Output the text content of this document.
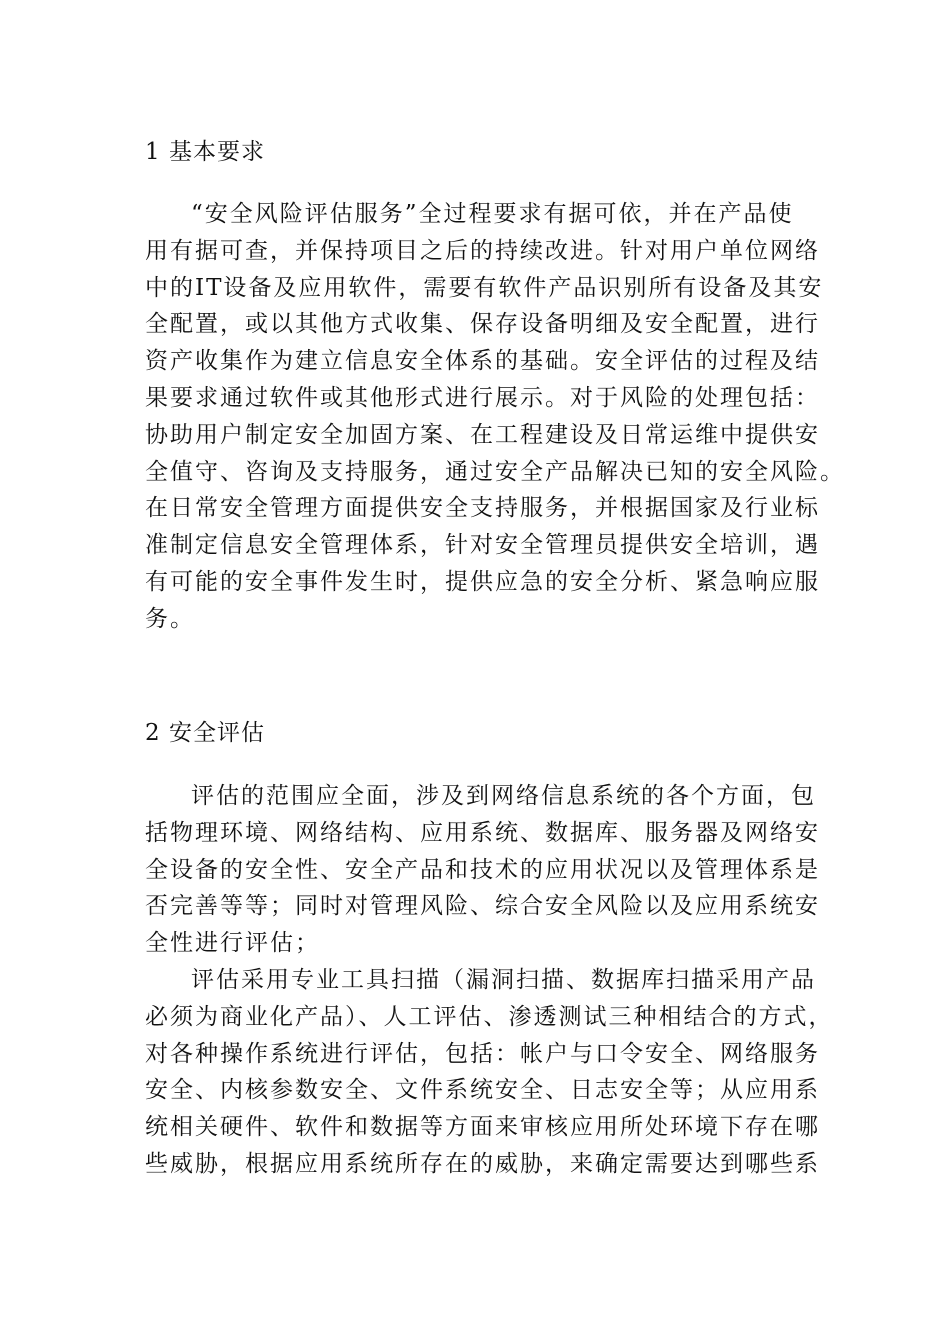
1 基本要求
“安全风险评估服务”全过程要求有据可依，并在产品使
用有据可查，并保持项目之后的持续改进。针对用户单位网络
中的IT设备及应用软件，需要有软件产品识别所有设备及其安
全配置，或以其他方式收集、保存设备明细及安全配置，进行
资产收集作为建立信息安全体系的基础。安全评估的过程及结
果要求通过软件或其他形式进行展示。对于风险的处理包括：
协助用户制定安全加固方案、在工程建设及日常运维中提供安
全值守、咨询及支持服务，通过安全产品解决已知的安全风险。
在日常安全管理方面提供安全支持服务，并根据国家及行业标
准制定信息安全管理体系，针对安全管理员提供安全培训，遇
有可能的安全事件发生时，提供应急的安全分析、紧急响应服
务。
2 安全评估
评估的范围应全面，涉及到网络信息系统的各个方面，包
括物理环境、网络结构、应用系统、数据库、服务器及网络安
全设备的安全性、安全产品和技术的应用状况以及管理体系是
否完善等等；同时对管理风险、综合安全风险以及应用系统安
全性进行评估；
评估采用专业工具扫描（漏洞扫描、数据库扫描采用产品
必须为商业化产品）、人工评估、渗透测试三种相结合的方式，
对各种操作系统进行评估，包括：帐户与口令安全、网络服务
安全、内核参数安全、文件系统安全、日志安全等；从应用系
统相关硬件、软件和数据等方面来审核应用所处环境下存在哪
些威胁，根据应用系统所存在的威胁，来确定需要达到哪些系
